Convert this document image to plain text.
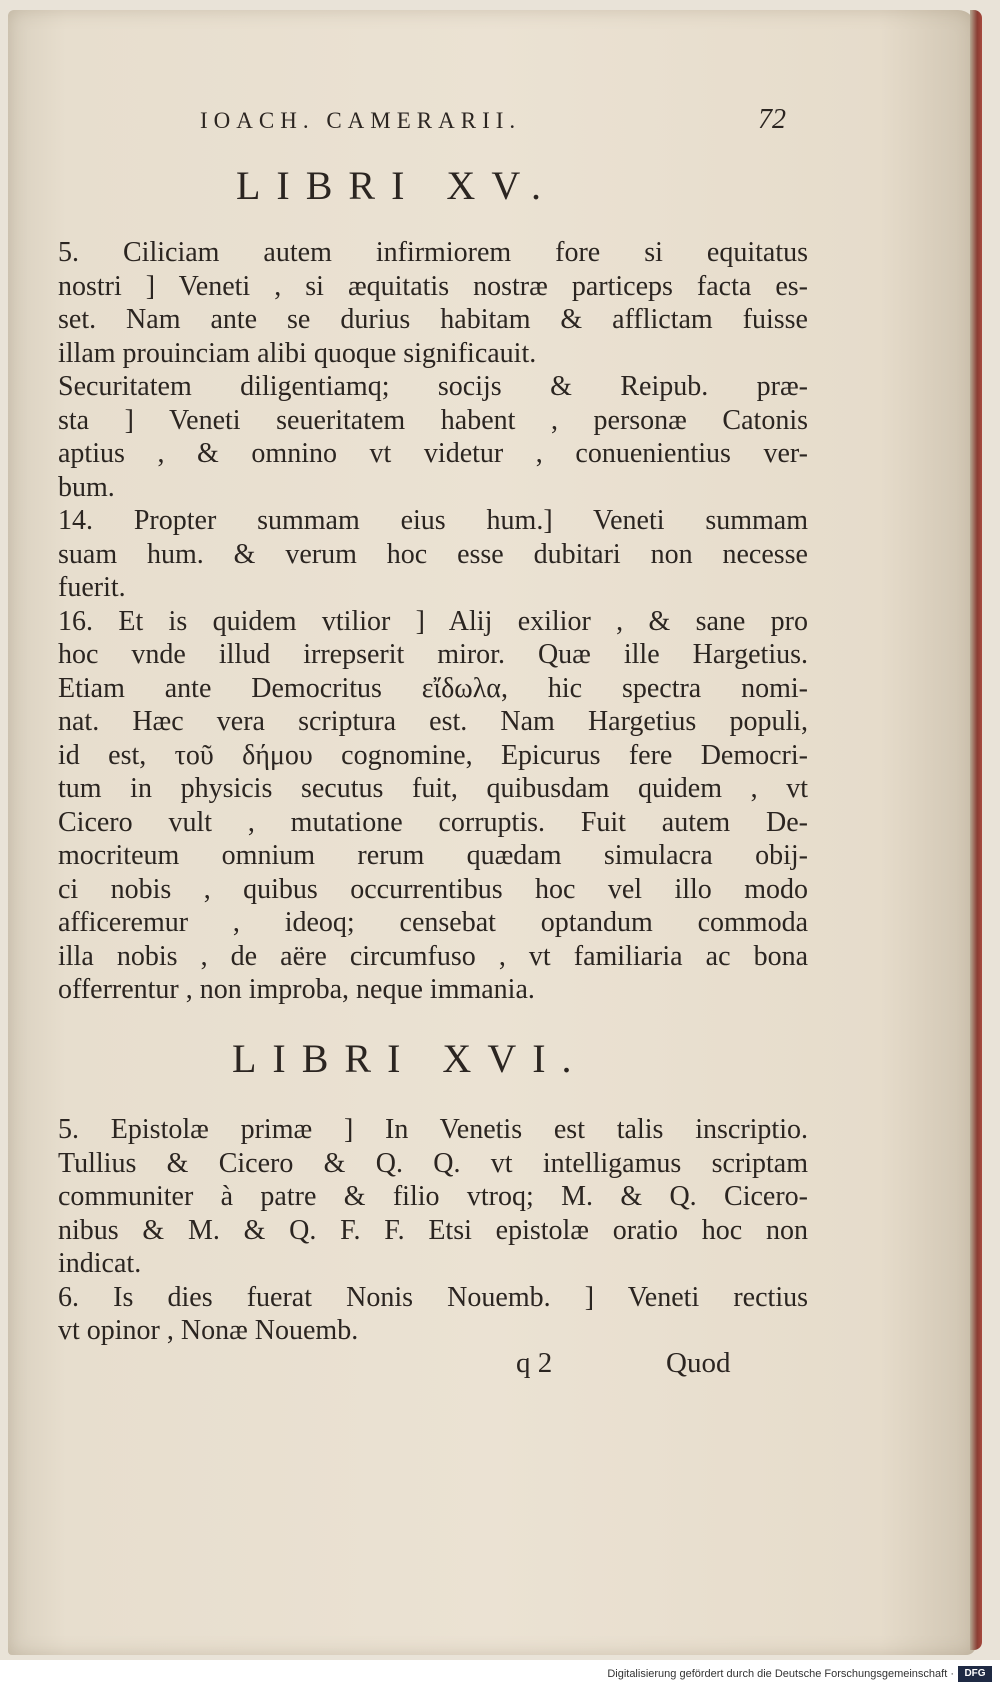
IOACH. CAMERARII.	72
LIBRI XV.
5. Ciliciam autem infirmiorem fore si equitatus
nostri ] Veneti , si æquitatis nostræ particeps facta es-
set. Nam ante se durius habitam & afflictam fuisse
illam prouinciam alibi quoque significauit.
Securitatem diligentiamq; socijs & Reipub. præ-
sta ] Veneti seueritatem habent , personæ Catonis
aptius , & omnino vt videtur , conuenientius ver-
bum.
14. Propter summam eius hum.] Veneti summam
suam hum. & verum hoc esse dubitari non necesse
fuerit.
16. Et is quidem vtilior ] Alij exilior , & sane pro
hoc vnde illud irrepserit miror. Quæ ille Hargetius.
Etiam ante Democritus εἴδωλα, hic spectra nomi-
nat. Hæc vera scriptura est. Nam Hargetius populi,
id est, τοῦ δήμου cognomine, Epicurus fere Democri-
tum in physicis secutus fuit, quibusdam quidem , vt
Cicero vult , mutatione corruptis. Fuit autem De-
mocriteum omnium rerum quædam simulacra obij-
ci nobis , quibus occurrentibus hoc vel illo modo
afficeremur , ideoq; censebat optandum commoda
illa nobis , de aëre circumfuso , vt familiaria ac bona
offerrentur , non improba, neque immania.
LIBRI XVI.
5. Epistolæ primæ ] In Venetis est talis inscriptio.
Tullius & Cicero & Q. Q. vt intelligamus scriptam
communiter à patre & filio vtroq; M. & Q. Cicero-
nibus & M. & Q. F. F. Etsi epistolæ oratio hoc non
indicat.
6. Is dies fuerat Nonis Nouemb. ] Veneti rectius
vt opinor , Nonæ Nouemb.
q 2	Quod
Digitalisierung gefördert durch die Deutsche Forschungsgemeinschaft ·	DFG
